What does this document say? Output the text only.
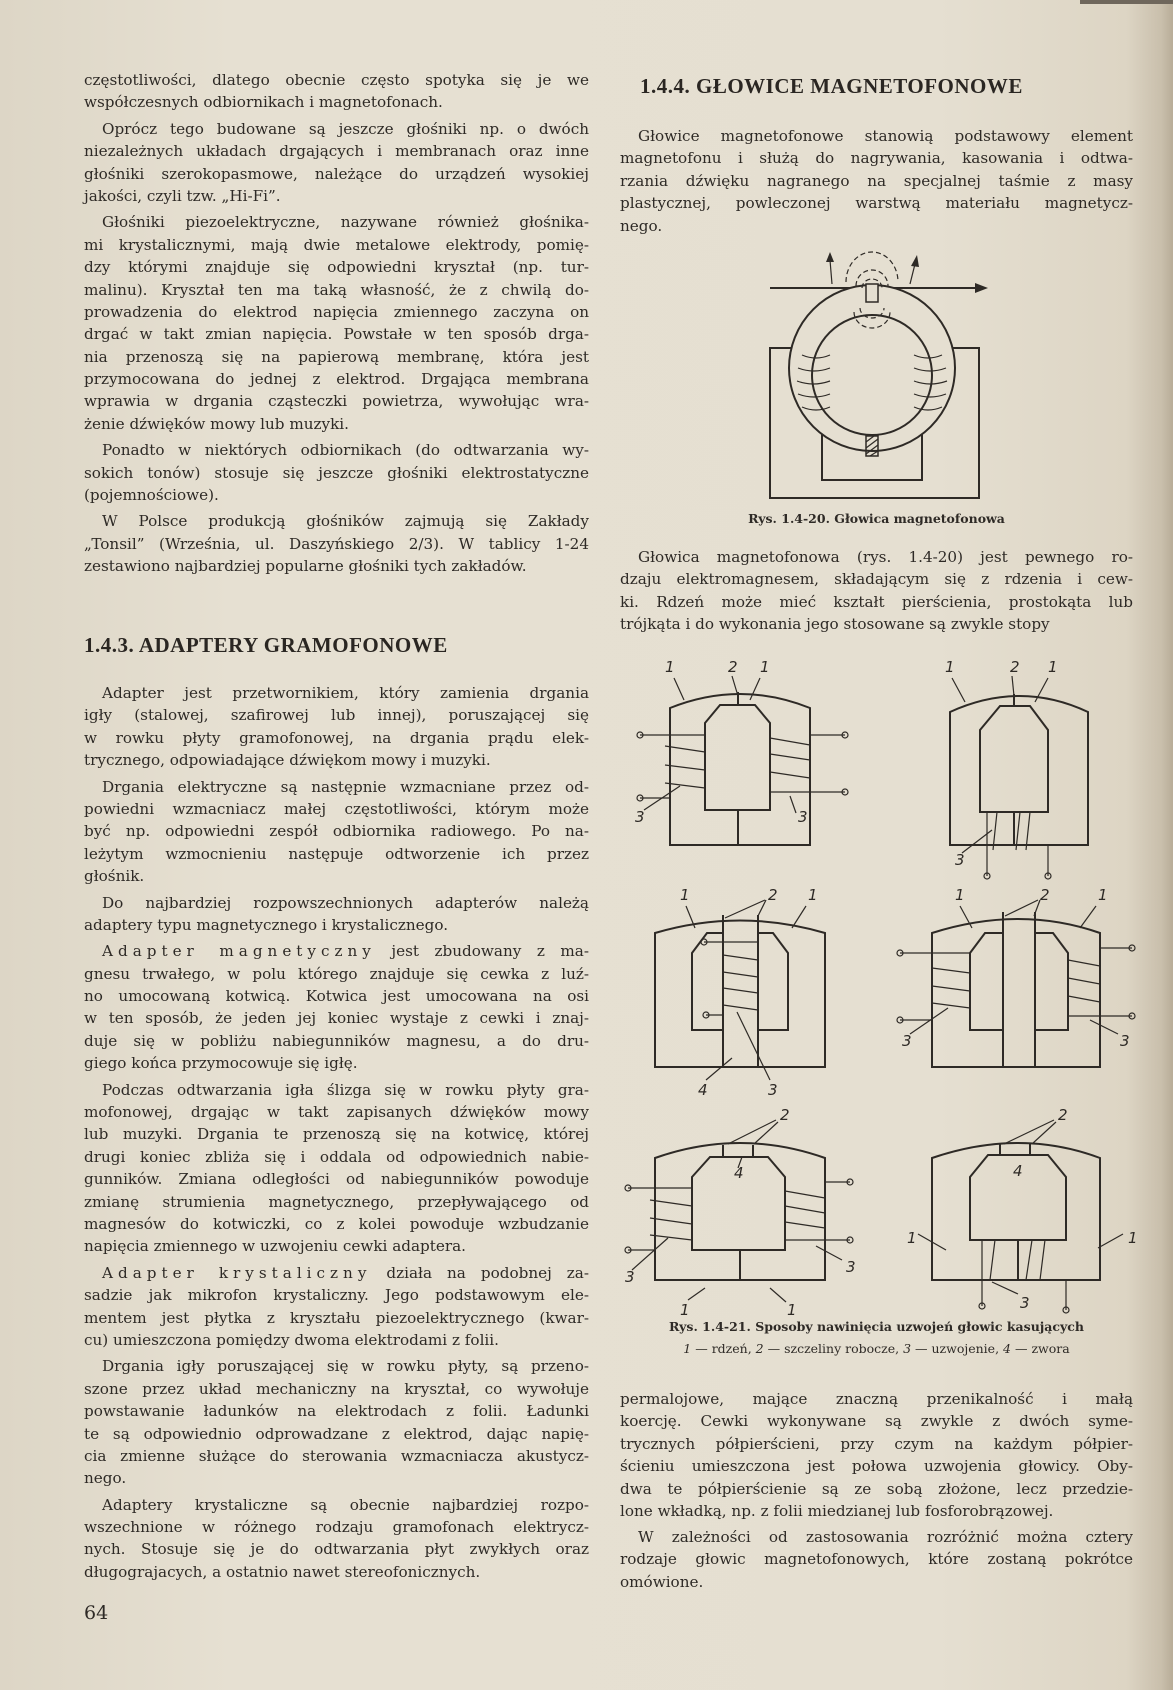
częstotliwości, dlatego obecnie często spotyka się je we
współczesnych odbiornikach i magnetofonach.
Oprócz tego budowane są jeszcze głośniki np. o dwóch
niezależnych układach drgających i membranach oraz inne
głośniki szerokopasmowe, należące do urządzeń wysokiej
jakości, czyli tzw. „Hi-Fi”.
Głośniki piezoelektryczne, nazywane również głośnika-
mi krystalicznymi, mają dwie metalowe elektrody, pomię-
dzy którymi znajduje się odpowiedni kryształ (np. tur-
malinu). Kryształ ten ma taką własność, że z chwilą do-
prowadzenia do elektrod napięcia zmiennego zaczyna on
drgać w takt zmian napięcia. Powstałe w ten sposób drga-
nia przenoszą się na papierową membranę, która jest
przymocowana do jednej z elektrod. Drgająca membrana
wprawia w drgania cząsteczki powietrza, wywołując wra-
żenie dźwięków mowy lub muzyki.
Ponadto w niektórych odbiornikach (do odtwarzania wy-
sokich tonów) stosuje się jeszcze głośniki elektrostatyczne
(pojemnościowe).
W Polsce produkcją głośników zajmują się Zakłady
„Tonsil” (Września, ul. Daszyńskiego 2/3). W tablicy 1-24
zestawiono najbardziej popularne głośniki tych zakładów.
1.4.3. ADAPTERY GRAMOFONOWE
Adapter jest przetwornikiem, który zamienia drgania
igły (stalowej, szafirowej lub innej), poruszającej się
w rowku płyty gramofonowej, na drgania prądu elek-
trycznego, odpowiadające dźwiękom mowy i muzyki.
Drgania elektryczne są następnie wzmacniane przez od-
powiedni wzmacniacz małej częstotliwości, którym może
być np. odpowiedni zespół odbiornika radiowego. Po na-
leżytym wzmocnieniu następuje odtworzenie ich przez
głośnik.
Do najbardziej rozpowszechnionych adapterów należą
adaptery typu magnetycznego i krystalicznego.
Adapter magnetyczny jest zbudowany z ma-
gnesu trwałego, w polu którego znajduje się cewka z luź-
no umocowaną kotwicą. Kotwica jest umocowana na osi
w ten sposób, że jeden jej koniec wystaje z cewki i znaj-
duje się w pobliżu nabiegunników magnesu, a do dru-
giego końca przymocowuje się igłę.
Podczas odtwarzania igła ślizga się w rowku płyty gra-
mofonowej, drgając w takt zapisanych dźwięków mowy
lub muzyki. Drgania te przenoszą się na kotwicę, której
drugi koniec zbliża się i oddala od odpowiednich nabie-
gunników. Zmiana odległości od nabiegunników powoduje
zmianę strumienia magnetycznego, przepływającego od
magnesów do kotwiczki, co z kolei powoduje wzbudzanie
napięcia zmiennego w uzwojeniu cewki adaptera.
Adapter krystaliczny działa na podobnej za-
sadzie jak mikrofon krystaliczny. Jego podstawowym ele-
mentem jest płytka z kryształu piezoelektrycznego (kwar-
cu) umieszczona pomiędzy dwoma elektrodami z folii.
Drgania igły poruszającej się w rowku płyty, są przeno-
szone przez układ mechaniczny na kryształ, co wywołuje
powstawanie ładunków na elektrodach z folii. Ładunki
te są odpowiednio odprowadzane z elektrod, dając napię-
cia zmienne służące do sterowania wzmacniacza akustycz-
nego.
Adaptery krystaliczne są obecnie najbardziej rozpo-
wszechnione w różnego rodzaju gramofonach elektrycz-
nych. Stosuje się je do odtwarzania płyt zwykłych oraz
długograjacych, a ostatnio nawet stereofonicznych.
1.4.4. GŁOWICE MAGNETOFONOWE
Głowice magnetofonowe stanowią podstawowy element
magnetofonu i służą do nagrywania, kasowania i odtwa-
rzania dźwięku nagranego na specjalnej taśmie z masy
plastycznej, powleczonej warstwą materiału magnetycz-
nego.
Rys. 1.4-20. Głowica magnetofonowa
Głowica magnetofonowa (rys. 1.4-20) jest pewnego ro-
dzaju elektromagnesem, składającym się z rdzenia i cew-
ki. Rdzeń może mieć kształt pierścienia, prostokąta lub
trójkąta i do wykonania jego stosowane są zwykle stopy
1	2 1
3	3
1	2 1
3
1	2 1
4	3
1	2	1
3	3
2
4
3
3
1	1
2
4
1	1
3
Rys. 1.4-21. Sposoby nawinięcia uzwojeń głowic kasujących
1 — rdzeń, 2 — szczeliny robocze, 3 — uzwojenie, 4 — zwora
permalojowe, mające znaczną przenikalność i małą
koercję. Cewki wykonywane są zwykle z dwóch syme-
trycznych półpierścieni, przy czym na każdym półpier-
ścieniu umieszczona jest połowa uzwojenia głowicy. Oby-
dwa te półpierścienie są ze sobą złożone, lecz przedzie-
lone wkładką, np. z folii miedzianej lub fosforobrązowej.
W zależności od zastosowania rozróżnić można cztery
rodzaje głowic magnetofonowych, które zostaną pokrótce
omówione.
64
